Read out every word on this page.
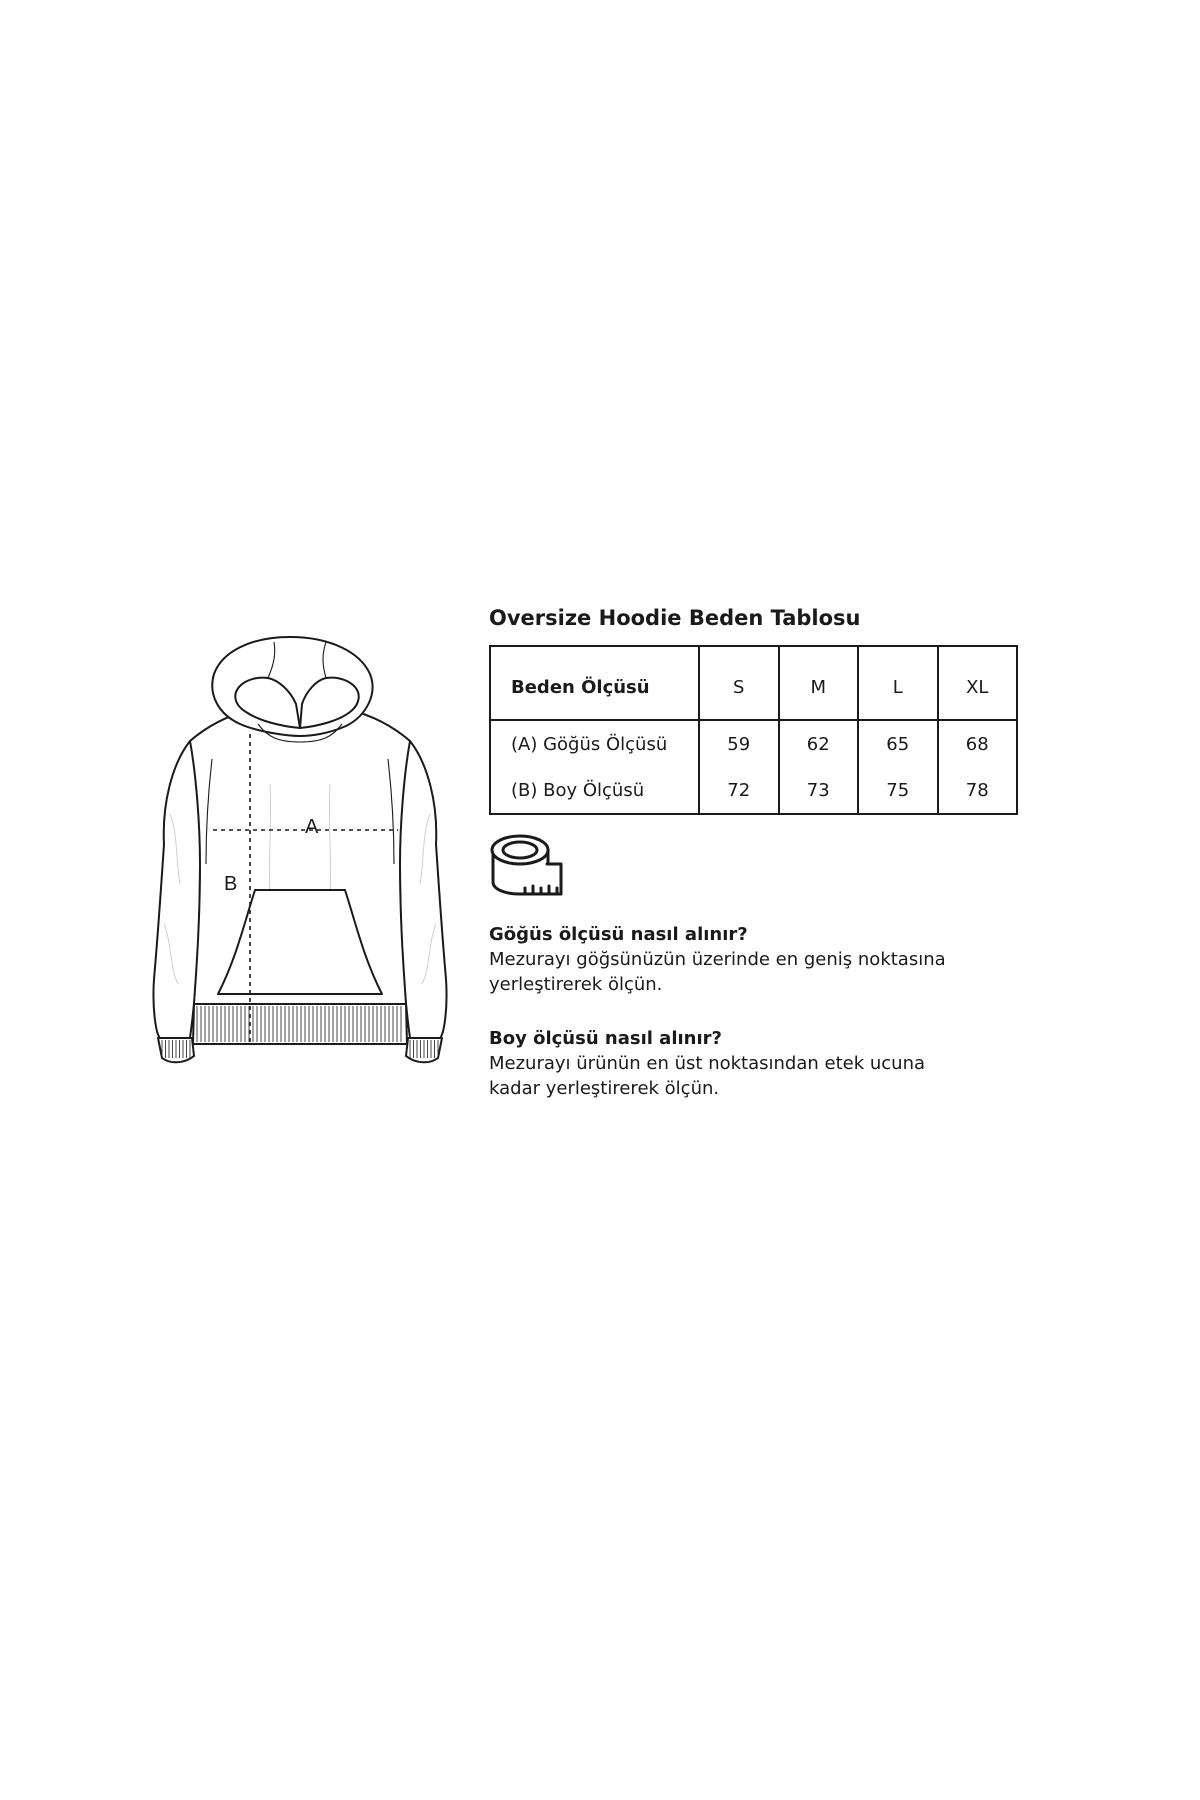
A
B
Oversize Hoodie Beden Tablosu
Beden Ölçüsü	S	M	L	XL
(A) Göğüs Ölçüsü	59	62	65	68
(B) Boy Ölçüsü	72	73	75	78
Göğüs ölçüsü nasıl alınır?
Mezurayı göğsünüzün üzerinde en geniş noktasına
yerleştirerek ölçün.
Boy ölçüsü nasıl alınır?
Mezurayı ürünün en üst noktasından etek ucuna
kadar yerleştirerek ölçün.
